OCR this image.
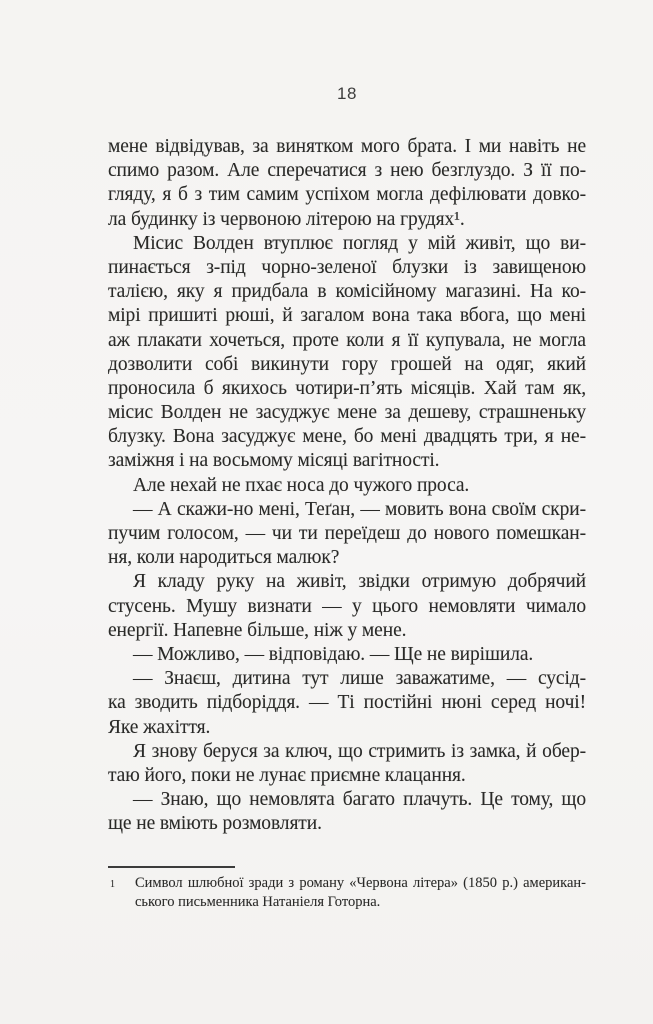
18
мене відвідував, за винятком мого брата. І ми навіть не
спимо разом. Але сперечатися з нею безглуздо. З її по-
гляду, я б з тим самим успіхом могла дефілювати довко-
ла будинку із червоною літерою на грудях¹.
Місис Волден втуплює погляд у мій живіт, що ви-
пинається з-під чорно-зеленої блузки із завищеною
талією, яку я придбала в комісійному магазині. На ко-
мірі пришиті рюші, й загалом вона така вбога, що мені
аж плакати хочеться, проте коли я її купувала, не могла
дозволити собі викинути гору грошей на одяг, який
проносила б якихось чотири-п’ять місяців. Хай там як,
місис Волден не засуджує мене за дешеву, страшненьку
блузку. Вона засуджує мене, бо мені двадцять три, я не-
заміжня і на восьмому місяці вагітності.
Але нехай не пхає носа до чужого проса.
— А скажи-но мені, Теґан, — мовить вона своїм скри-
пучим голосом, — чи ти переїдеш до нового помешкан-
ня, коли народиться малюк?
Я кладу руку на живіт, звідки отримую добрячий
стусень. Мушу визнати — у цього немовляти чимало
енергії. Напевне більше, ніж у мене.
— Можливо, — відповідаю. — Ще не вирішила.
— Знаєш, дитина тут лише заважатиме, — сусід-
ка зводить підборіддя. — Ті постійні нюні серед ночі!
Яке жахіття.
Я знову беруся за ключ, що стримить із замка, й обер-
таю його, поки не лунає приємне клацання.
— Знаю, що немовлята багато плачуть. Це тому, що
ще не вміють розмовляти.
1 Символ шлюбної зради з роману «Червона літера» (1850 р.) американ-
ського письменника Натаніеля Готорна.
